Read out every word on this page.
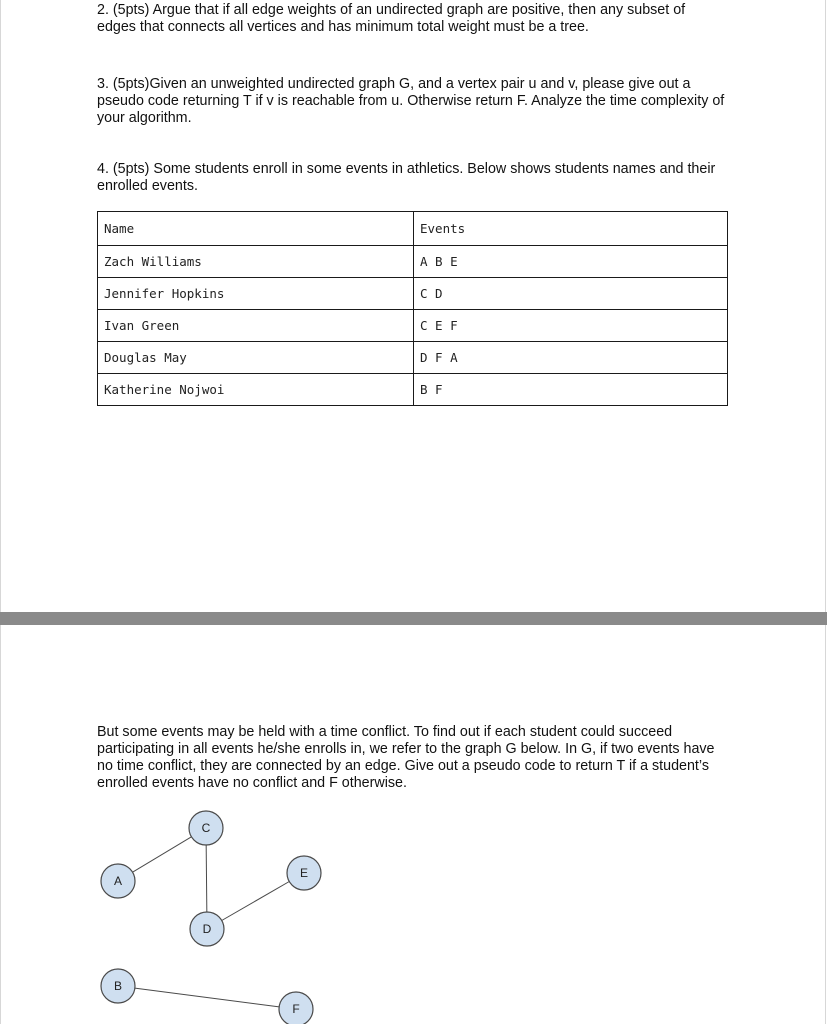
2. (5pts) Argue that if all edge weights of an undirected graph are positive, then any subset of edges that connects all vertices and has minimum total weight must be a tree.

3. (5pts)Given an unweighted undirected graph G, and a vertex pair u and v, please give out a pseudo code returning T if v is reachable from u. Otherwise return F. Analyze the time complexity of your algorithm.

4. (5pts) Some students enroll in some events in athletics. Below shows students names and their enrolled events.

Name	Events
Zach Williams	A B E
Jennifer Hopkins	C D
Ivan Green	C E F
Douglas May	D F A
Katherine Nojwoi	B F

But some events may be held with a time conflict. To find out if each student could succeed participating in all events he/she enrolls in, we refer to the graph G below. In G, if two events have no time conflict, they are connected by an edge. Give out a pseudo code to return T if a student’s enrolled events have no conflict and F otherwise.

A
B
C
D
E
F
